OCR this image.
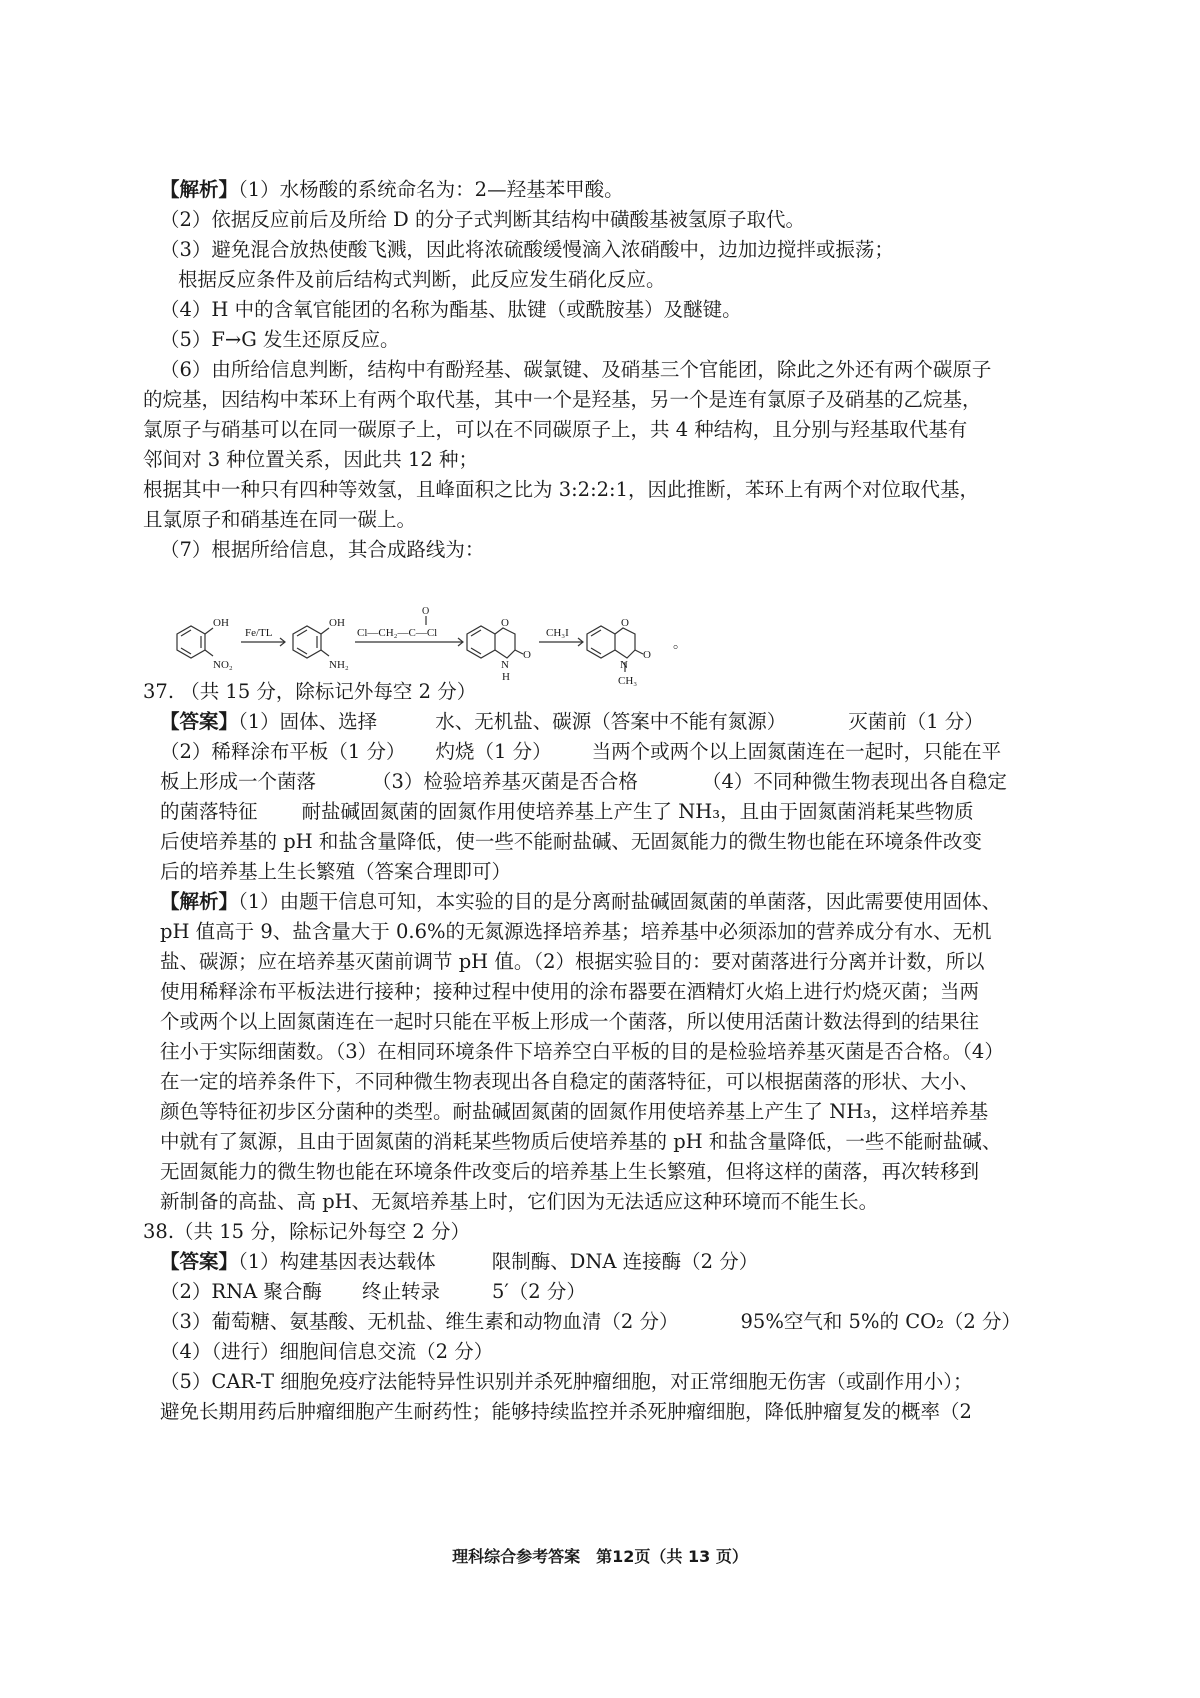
【解析】（1）水杨酸的系统命名为：2—羟基苯甲酸。
（2）依据反应前后及所给 D 的分子式判断其结构中磺酸基被氢原子取代。
（3）避免混合放热使酸飞溅，因此将浓硫酸缓慢滴入浓硝酸中，边加边搅拌或振荡；
根据反应条件及前后结构式判断，此反应发生硝化反应。
（4）H 中的含氧官能团的名称为酯基、肽键（或酰胺基）及醚键。
（5）F→G 发生还原反应。
（6）由所给信息判断，结构中有酚羟基、碳氯键、及硝基三个官能团，除此之外还有两个碳原子
的烷基，因结构中苯环上有两个取代基，其中一个是羟基，另一个是连有氯原子及硝基的乙烷基，
氯原子与硝基可以在同一碳原子上，可以在不同碳原子上，共 4 种结构，且分别与羟基取代基有
邻间对 3 种位置关系，因此共 12 种；
根据其中一种只有四种等效氢，且峰面积之比为 3:2:2:1，因此推断，苯环上有两个对位取代基，
且氯原子和硝基连在同一碳上。
（7）根据所给信息，其合成路线为：
OH
NO₂
Fe/TL
OH
NH₂
Cl—CH₂—C—Cl
O
O
O
N
H
CH₃I
O
O
N
CH₃
。
37. （共 15 分，除标记外每空 2 分）
【答案】（1）固体、选择	水、无机盐、碳源（答案中不能有氮源）	灭菌前（1 分）
（2）稀释涂布平板（1 分） 灼烧（1 分） 当两个或两个以上固氮菌连在一起时，只能在平
板上形成一个菌落	（3）检验培养基灭菌是否合格	（4）不同种微生物表现出各自稳定
的菌落特征 耐盐碱固氮菌的固氮作用使培养基上产生了 NH₃，且由于固氮菌消耗某些物质
后使培养基的 pH 和盐含量降低，使一些不能耐盐碱、无固氮能力的微生物也能在环境条件改变
后的培养基上生长繁殖（答案合理即可）
【解析】（1）由题干信息可知，本实验的目的是分离耐盐碱固氮菌的单菌落，因此需要使用固体、
pH 值高于 9、盐含量大于 0.6%的无氮源选择培养基；培养基中必须添加的营养成分有水、无机
盐、碳源；应在培养基灭菌前调节 pH 值。（2）根据实验目的：要对菌落进行分离并计数，所以
使用稀释涂布平板法进行接种；接种过程中使用的涂布器要在酒精灯火焰上进行灼烧灭菌；当两
个或两个以上固氮菌连在一起时只能在平板上形成一个菌落，所以使用活菌计数法得到的结果往
往小于实际细菌数。（3）在相同环境条件下培养空白平板的目的是检验培养基灭菌是否合格。（4）
在一定的培养条件下，不同种微生物表现出各自稳定的菌落特征，可以根据菌落的形状、大小、
颜色等特征初步区分菌种的类型。耐盐碱固氮菌的固氮作用使培养基上产生了 NH₃，这样培养基
中就有了氮源，且由于固氮菌的消耗某些物质后使培养基的 pH 和盐含量降低，一些不能耐盐碱、
无固氮能力的微生物也能在环境条件改变后的培养基上生长繁殖，但将这样的菌落，再次转移到
新制备的高盐、高 pH、无氮培养基上时，它们因为无法适应这种环境而不能生长。
38.（共 15 分，除标记外每空 2 分）
【答案】（1）构建基因表达载体	限制酶、DNA 连接酶（2 分）
（2）RNA 聚合酶 终止转录	5′（2 分）
（3）葡萄糖、氨基酸、无机盐、维生素和动物血清（2 分）	95%空气和 5%的 CO₂（2 分）
（4）（进行）细胞间信息交流（2 分）
（5）CAR-T 细胞免疫疗法能特异性识别并杀死肿瘤细胞，对正常细胞无伤害（或副作用小）；
避免长期用药后肿瘤细胞产生耐药性；能够持续监控并杀死肿瘤细胞，降低肿瘤复发的概率（2
理科综合参考答案　第12页（共 13 页）
